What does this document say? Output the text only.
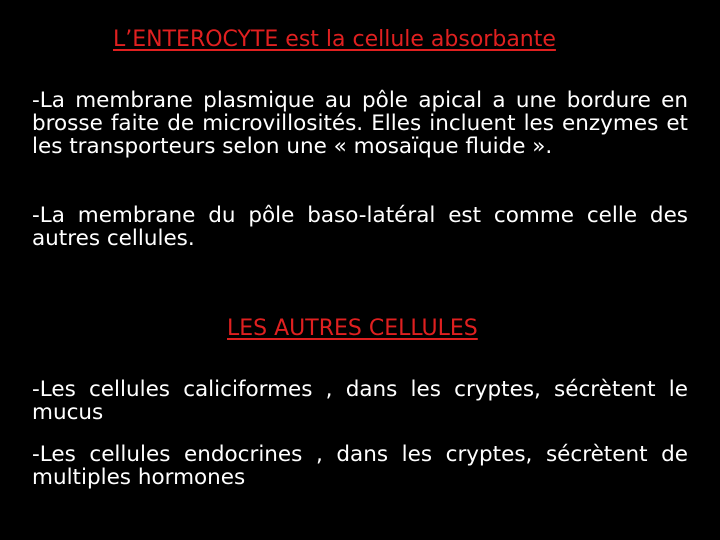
L’ENTEROCYTE est la cellule absorbante

-La membrane plasmique au pôle apical a une bordure en brosse faite de microvillosités. Elles incluent les enzymes et les transporteurs selon une « mosaïque fluide ».

-La membrane du pôle baso-latéral est comme celle des autres cellules.

LES AUTRES CELLULES

-Les cellules caliciformes , dans les cryptes, sécrètent le mucus

-Les cellules endocrines , dans les cryptes, sécrètent de multiples hormones
